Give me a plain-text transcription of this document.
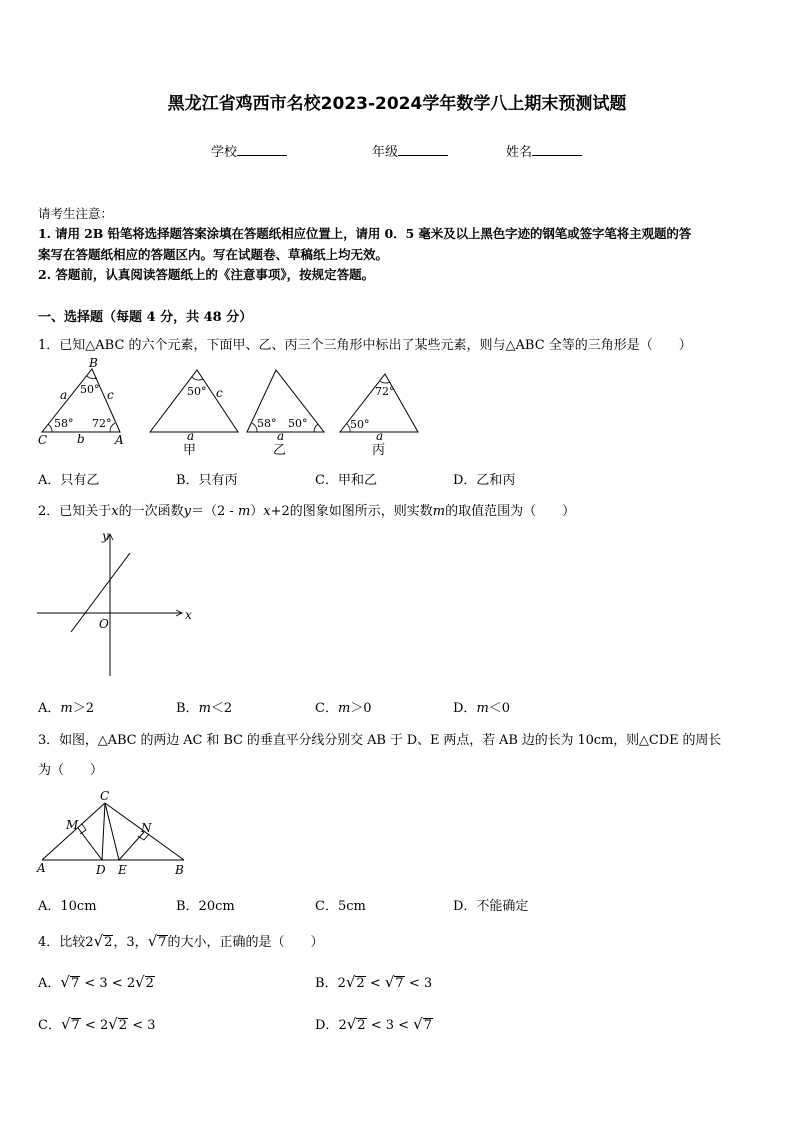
黑龙江省鸡西市名校2023-2024学年数学八上期末预测试题
学校	年级	姓名
请考生注意：
1. 请用 2B 铅笔将选择题答案涂填在答题纸相应位置上，请用 0．5 毫米及以上黑色字迹的钢笔或签字笔将主观题的答
案写在答题纸相应的答题区内。写在试题卷、草稿纸上均无效。
2. 答题前，认真阅读答题纸上的《注意事项》，按规定答题。
一、选择题（每题 4 分，共 48 分）
1．已知△ABC 的六个元素，下面甲、乙、丙三个三角形中标出了某些元素，则与△ABC 全等的三角形是（　　）
B
C	A
a
b
c
50°
58° 72°
50° c
a
甲
58° 50°
a
乙
72°
50°
a
丙
A．只有乙	B．只有丙	C．甲和乙	D．乙和丙
2．已知关于x的一次函数y＝（2 - m）x+2的图象如图所示，则实数m的取值范围为（　　）
y
x
O
A．m＞2	B．m＜2	C．m＞0	D．m＜0
3．如图，△ABC 的两边 AC 和 BC 的垂直平分线分别交 AB 于 D、E 两点，若 AB 边的长为 10cm，则△CDE 的周长
为（　　）
C
M	N
A	D E	B
A．10cm	B．20cm	C．5cm	D．不能确定
4．比较2√2，3，√7的大小，正确的是（　　）
A．√7 < 3 < 2√2	B．2√2 < √7 < 3
C．√7 < 2√2 < 3	D．2√2 < 3 < √7
